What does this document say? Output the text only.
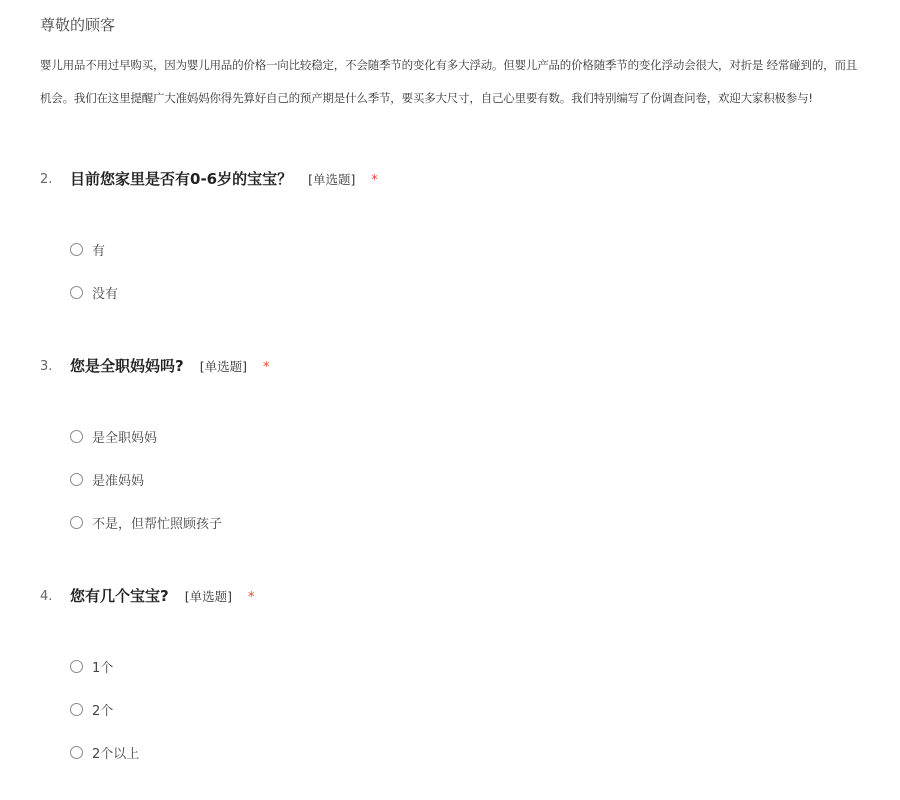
尊敬的顾客
婴儿用品不用过早购买，因为婴儿用品的价格一向比较稳定，不会随季节的变化有多大浮动。但婴儿产品的价格随季节的变化浮动会很大，对折是 经常碰到的，而且
机会。我们在这里提醒广大准妈妈你得先算好自己的预产期是什么季节，要买多大尺寸，自己心里要有数。我们特别编写了份调查问卷，欢迎大家积极参与!
2. 目前您家里是否有0-6岁的宝宝？ [单选题] *
有
没有
3. 您是全职妈妈吗? [单选题] *
是全职妈妈
是准妈妈
不是，但帮忙照顾孩子
4. 您有几个宝宝? [单选题] *
1个
2个
2个以上
